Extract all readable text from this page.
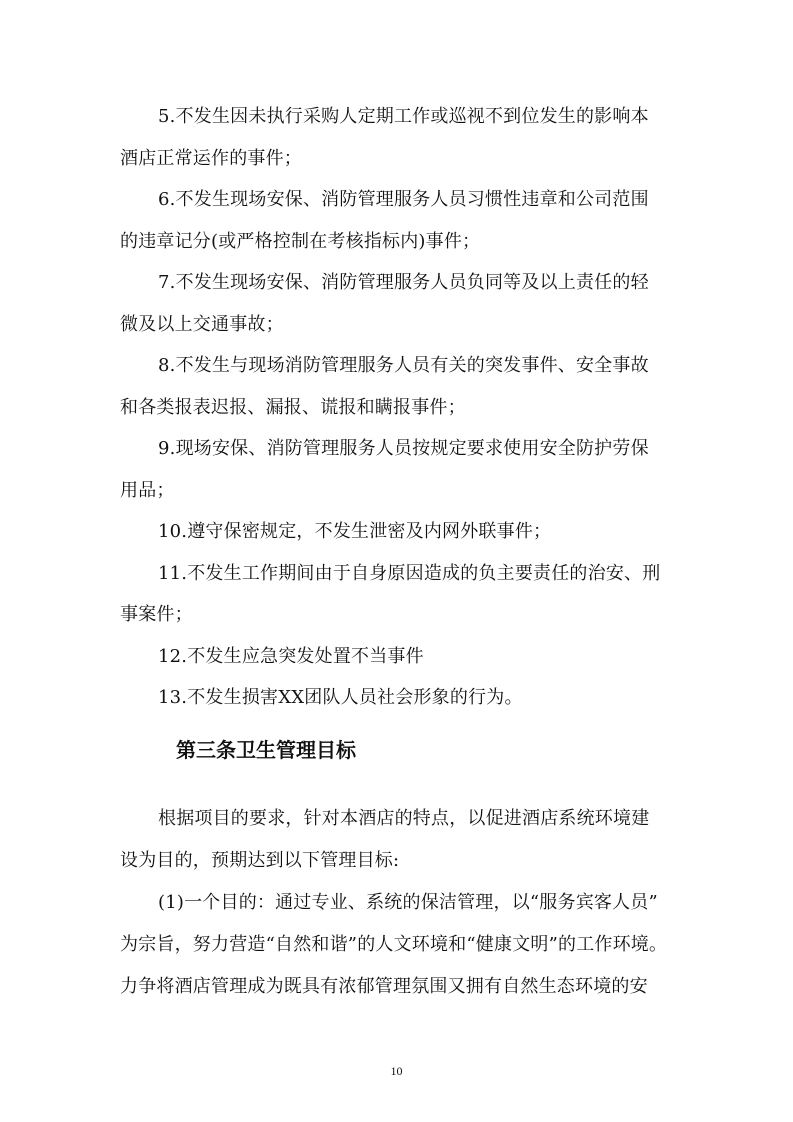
5.不发生因未执行采购人定期工作或巡视不到位发生的影响本
酒店正常运作的事件；
6.不发生现场安保、消防管理服务人员习惯性违章和公司范围
的违章记分(或严格控制在考核指标内)事件；
7.不发生现场安保、消防管理服务人员负同等及以上责任的轻
微及以上交通事故；
8.不发生与现场消防管理服务人员有关的突发事件、安全事故
和各类报表迟报、漏报、谎报和瞒报事件；
9.现场安保、消防管理服务人员按规定要求使用安全防护劳保
用品；
10.遵守保密规定，不发生泄密及内网外联事件；
11.不发生工作期间由于自身原因造成的负主要责任的治安、刑
事案件；
12.不发生应急突发处置不当事件
13.不发生损害XX团队人员社会形象的行为。
第三条卫生管理目标
根据项目的要求，针对本酒店的特点，以促进酒店系统环境建
设为目的，预期达到以下管理目标:
(1)一个目的：通过专业、系统的保洁管理，以“服务宾客人员”
为宗旨，努力营造“自然和谐”的人文环境和“健康文明”的工作环境。
力争将酒店管理成为既具有浓郁管理氛围又拥有自然生态环境的安
10
